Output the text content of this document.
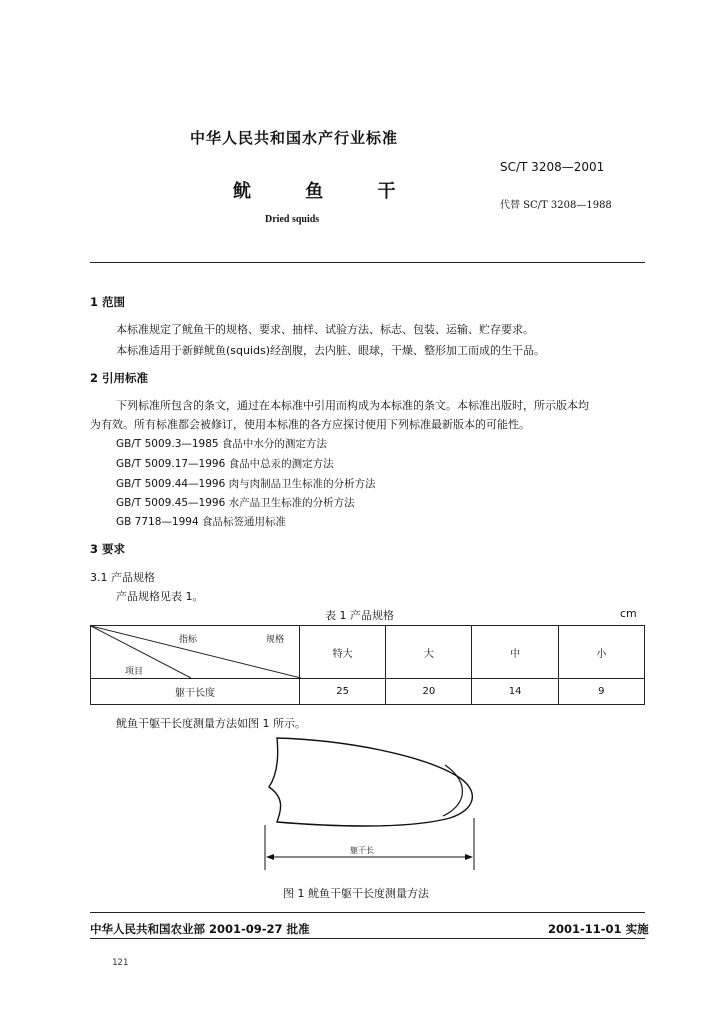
中华人民共和国水产行业标准
SC/T 3208—2001
鱿 鱼 干
代替 SC/T 3208—1988
Dried squids
1 范围
本标准规定了鱿鱼干的规格、要求、抽样、试验方法、标志、包装、运输、贮存要求。
本标准适用于新鲜鱿鱼(squids)经剖腹，去内脏、眼球，干燥、整形加工而成的生干品。
2 引用标准
下列标准所包含的条文，通过在本标准中引用而构成为本标准的条文。本标准出版时，所示版本均
为有效。所有标准都会被修订，使用本标准的各方应探讨使用下列标准最新版本的可能性。
GB/T 5009.3—1985 食品中水分的测定方法
GB/T 5009.17—1996 食品中总汞的测定方法
GB/T 5009.44—1996 肉与肉制品卫生标准的分析方法
GB/T 5009.45—1996 水产品卫生标准的分析方法
GB 7718—1994 食品标签通用标准
3 要求
3.1 产品规格
产品规格见表 1。
表 1 产品规格	cm
指标 规格
项目	特大	大	中	小
躯干长度	25	20	14	9
鱿鱼干躯干长度测量方法如图 1 所示。
躯干长
图 1 鱿鱼干躯干长度测量方法
中华人民共和国农业部 2001-09-27 批准	2001-11-01 实施
121
